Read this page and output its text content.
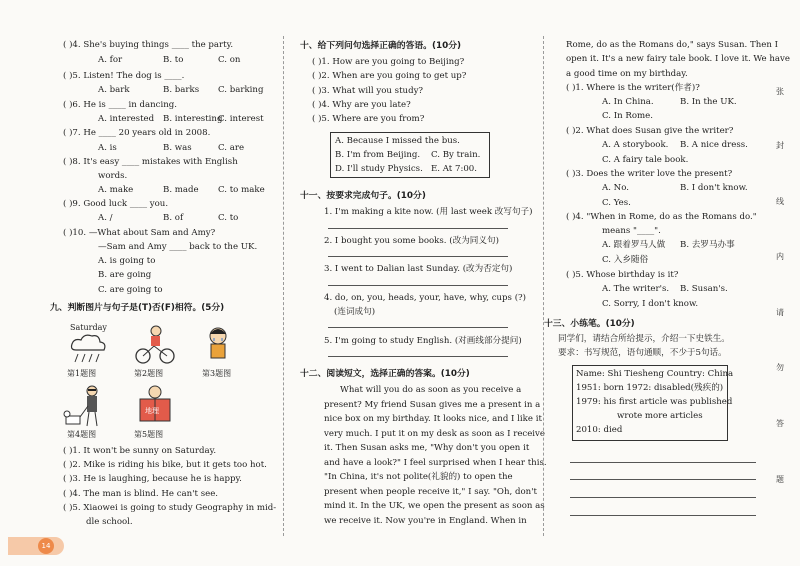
( )4. She's buying things ____ the party.
A. for	B. to	C. on
( )5. Listen! The dog is ____.
A. bark	B. barks C. barking
( )6. He is ____ in dancing.
A. interested B. interesting
C. interest
( )7. He ____ 20 years old in 2008.
A. is	B. was	C. are
( )8. It's easy ____ mistakes with English
words.
A. make	B. made C. to make
( )9. Good luck ____ you.
A. /	B. of	C. to
( )10. —What about Sam and Amy?
—Sam and Amy ____ back to the UK.
A. is going to
B. are going
C. are going to
九、判断图片与句子是(T)否(F)相符。(5分)
Saturday
第1题图	第2题图	第3题图
地理
第4题图	第5题图
( )1. It won't be sunny on Saturday.
( )2. Mike is riding his bike, but it gets too hot.
( )3. He is laughing, because he is happy.
( )4. The man is blind. He can't see.
( )5. Xiaowei is going to study Geography in mid-
dle school.
十、给下列问句选择正确的答语。(10分)
( )1. How are you going to Beijing?
( )2. When are you going to get up?
( )3. What will you study?
( )4. Why are you late?
( )5. Where are you from?
A. Because I missed the bus.
B. I'm from Beijing. C. By train.
D. I'll study Physics. E. At 7:00.
十一、按要求完成句子。(10分)
1. I'm making a kite now. (用 last week 改写句子)
2. I bought you some books. (改为同义句)
3. I went to Dalian last Sunday. (改为否定句)
4. do, on, you, heads, your, have, why, cups (?)
(连词成句)
5. I'm going to study English. (对画线部分提问)
十二、阅读短文，选择正确的答案。(10分)
What will you do as soon as you receive a
present? My friend Susan gives me a present in a
nice box on my birthday. It looks nice, and I like it
very much. I put it on my desk as soon as I receive
it. Then Susan asks me, "Why don't you open it
and have a look?" I feel surprised when I hear this.
"In China, it's not polite(礼貌的) to open the
present when people receive it," I say. "Oh, don't
mind it. In the UK, we open the present as soon as
we receive it. Now you're in England. When in
Rome, do as the Romans do," says Susan. Then I
open it. It's a new fairy tale book. I love it. We have
a good time on my birthday.
( )1. Where is the writer(作者)?
A. In China.	B. In the UK.
C. In Rome.
( )2. What does Susan give the writer?
A. A storybook. B. A nice dress.
C. A fairy tale book.
( )3. Does the writer love the present?
A. No.	B. I don't know.
C. Yes.
( )4. "When in Rome, do as the Romans do."
means "____".
A. 跟着罗马人做 B. 去罗马办事
C. 入乡随俗
( )5. Whose birthday is it?
A. The writer's. B. Susan's.
C. Sorry, I don't know.
十三、小练笔。(10分)
同学们，请结合所给提示，介绍一下史铁生。
要求：书写规范，语句通顺，不少于5句话。
Name: Shi Tiesheng Country: China
1951: born 1972: disabled(残疾的)
1979: his first article was published
wrote more articles
2010: died
张
封
线
内
请
勿
答
题
14
